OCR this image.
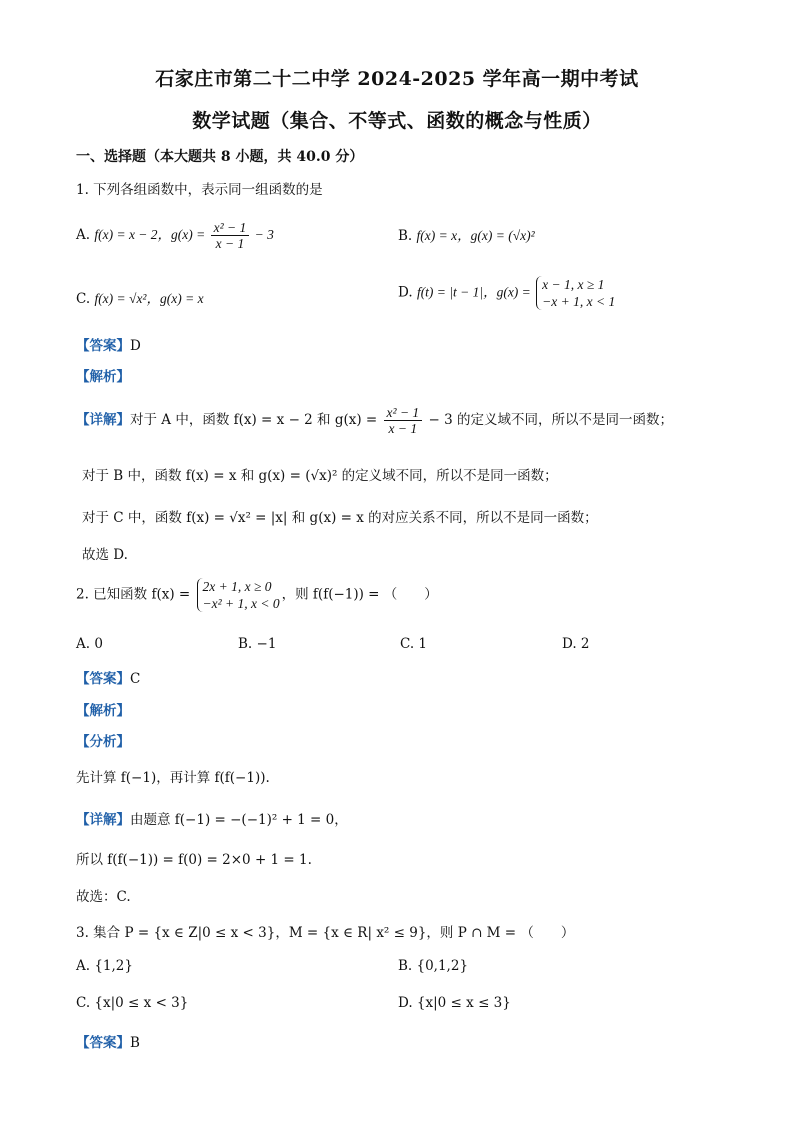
石家庄市第二十二中学 2024-2025 学年高一期中考试
数学试题（集合、不等式、函数的概念与性质）
一、选择题（本大题共 8 小题，共 40.0 分）
1. 下列各组函数中，表示同一组函数的是
A. f(x) = x − 2，$g(x) = \frac{\text{x² − 1}}{x - 1} - 3$	B. f(x) = x，g(x) = (√x)²
C. f(x) = √x²，g(x) = x	D. f(t) = |t − 1|，g(x) = x − 1, x ≥ 1
−x + 1, x < 1
【答案】D
【解析】
【详解】对于 A 中，函数 f(x) = x − 2 和 $g(x) = \frac{\text{x² − 1}}{x - 1} - 3$ 的定义域不同，所以不是同一函数；
对于 B 中，函数 f(x) = x 和 g(x) = (√x)² 的定义域不同，所以不是同一函数；
对于 C 中，函数 f(x) = √x² = |x| 和 g(x) = x 的对应关系不同，所以不是同一函数；
故选 D.
2. 已知函数 f(x) = 2x + 1, x ≥ 0
−x² + 1, x < 0
，则 f(f(−1)) = （　　）
A. 0	B. −1	C. 1	D. 2
【答案】C
【解析】
【分析】
先计算 f(−1)，再计算 f(f(−1)).
【详解】由题意 f(−1) = −(−1)² + 1 = 0，
所以 f(f(−1)) = f(0) = 2×0 + 1 = 1.
故选：C.
3. 集合 P = {x ∈ Z|0 ≤ x < 3}，M = {x ∈ R| x² ≤ 9}，则 P ∩ M = （　　）
A. {1,2}	B. {0,1,2}
C. {x|0 ≤ x < 3}	D. {x|0 ≤ x ≤ 3}
【答案】B
